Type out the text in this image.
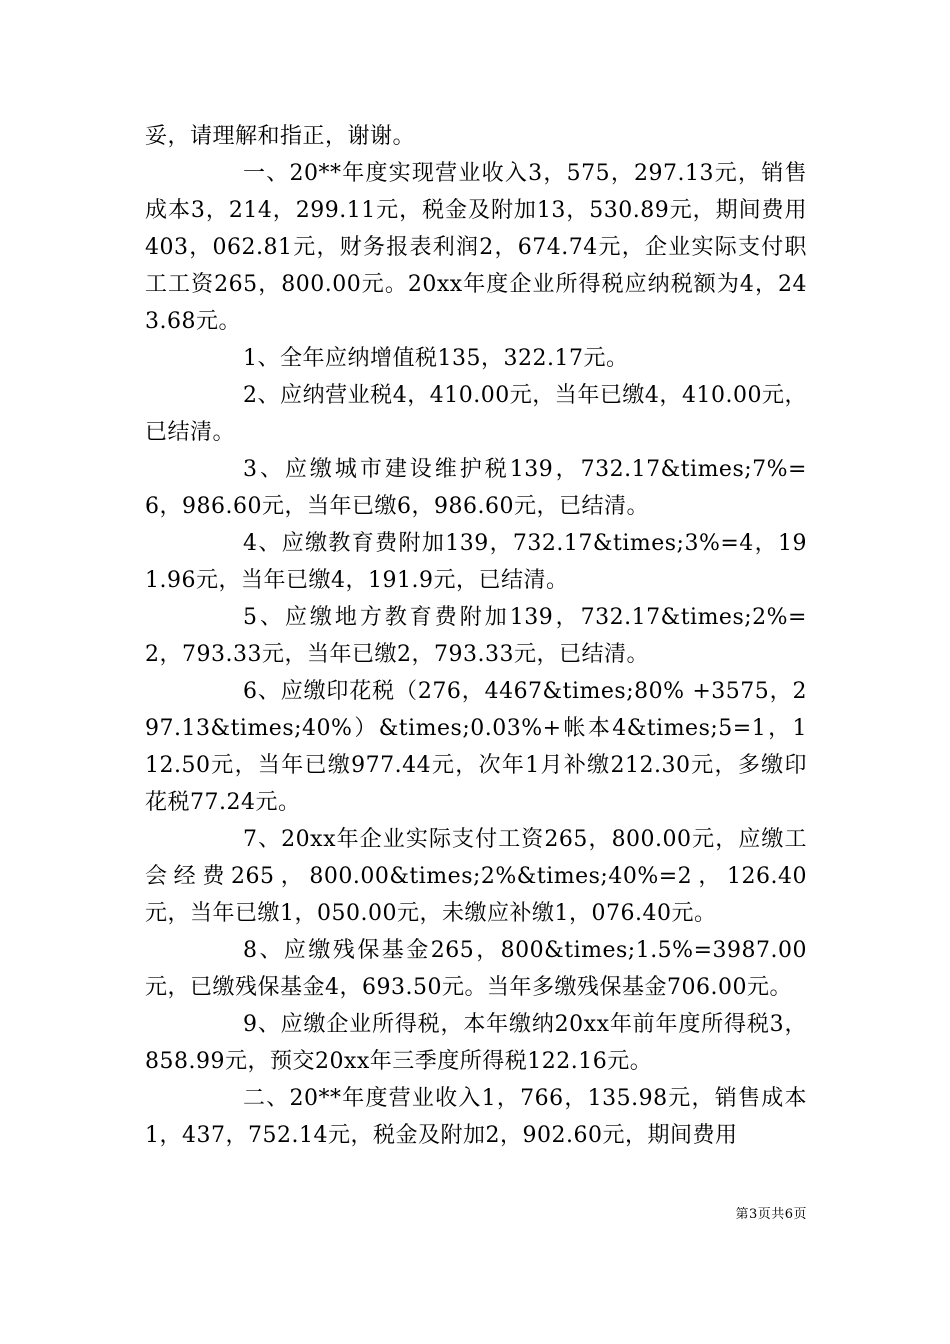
妥，请理解和指正，谢谢。

一、20**年度实现营业收入3，575，297.13元，销售成本3，214，299.11元，税金及附加13，530.89元，期间费用403，062.81元，财务报表利润2，674.74元，企业实际支付职工工资265，800.00元。20xx年度企业所得税应纳税额为4，243.68元。

1、全年应纳增值税135，322.17元。

2、应纳营业税4，410.00元，当年已缴4，410.00元，已结清。

3、应缴城市建设维护税139，732.17&times;7%=6，986.60元，当年已缴6，986.60元，已结清。

4、应缴教育费附加139，732.17&times;3%=4，191.96元，当年已缴4，191.9元，已结清。

5、应缴地方教育费附加139，732.17&times;2%=2，793.33元，当年已缴2，793.33元，已结清。

6、应缴印花税（276，4467&times;80% +3575，297.13&times;40%）&times;0.03%+帐本4&times;5=1，112.50元，当年已缴977.44元，次年1月补缴212.30元，多缴印花税77.24元。

7、20xx年企业实际支付工资265，800.00元，应缴工会经费265，800.00&times;2%&times;40%=2，126.40元，当年已缴1，050.00元，未缴应补缴1，076.40元。

8、应缴残保基金265，800&times;1.5%=3987.00元，已缴残保基金4，693.50元。当年多缴残保基金706.00元。

9、应缴企业所得税，本年缴纳20xx年前年度所得税3，858.99元，预交20xx年三季度所得税122.16元。

二、20**年度营业收入1，766，135.98元，销售成本1，437，752.14元，税金及附加2，902.60元，期间费用

第3页共6页
